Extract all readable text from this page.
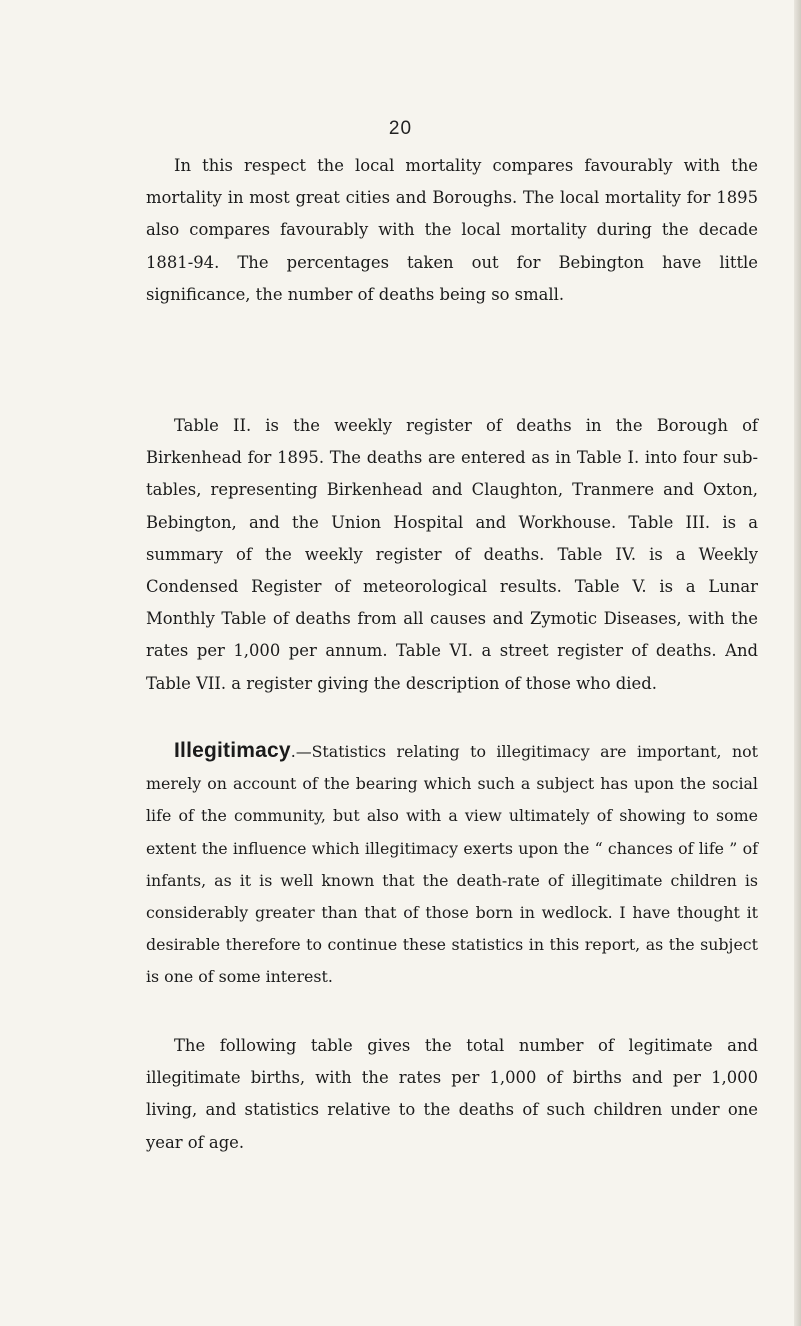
20

In this respect the local mortality compares favourably with the mortality in most great cities and Boroughs. The local mortality for 1895 also compares favourably with the local mortality during the decade 1881-94. The percentages taken out for Bebington have little significance, the number of deaths being so small.

Table II. is the weekly register of deaths in the Borough of Birkenhead for 1895. The deaths are entered as in Table I. into four sub-tables, representing Birkenhead and Claughton, Tranmere and Oxton, Bebington, and the Union Hospital and Workhouse. Table III. is a summary of the weekly register of deaths. Table IV. is a Weekly Condensed Register of meteorological results. Table V. is a Lunar Monthly Table of deaths from all causes and Zymotic Diseases, with the rates per 1,000 per annum. Table VI. a street register of deaths. And Table VII. a register giving the description of those who died.

Illegitimacy.—Statistics relating to illegitimacy are important, not merely on account of the bearing which such a subject has upon the social life of the community, but also with a view ultimately of showing to some extent the influence which illegitimacy exerts upon the “ chances of life ” of infants, as it is well known that the death-rate of illegitimate children is considerably greater than that of those born in wedlock. I have thought it desirable therefore to continue these statistics in this report, as the subject is one of some interest.

The following table gives the total number of legitimate and illegitimate births, with the rates per 1,000 of births and per 1,000 living, and statistics relative to the deaths of such children under one year of age.
